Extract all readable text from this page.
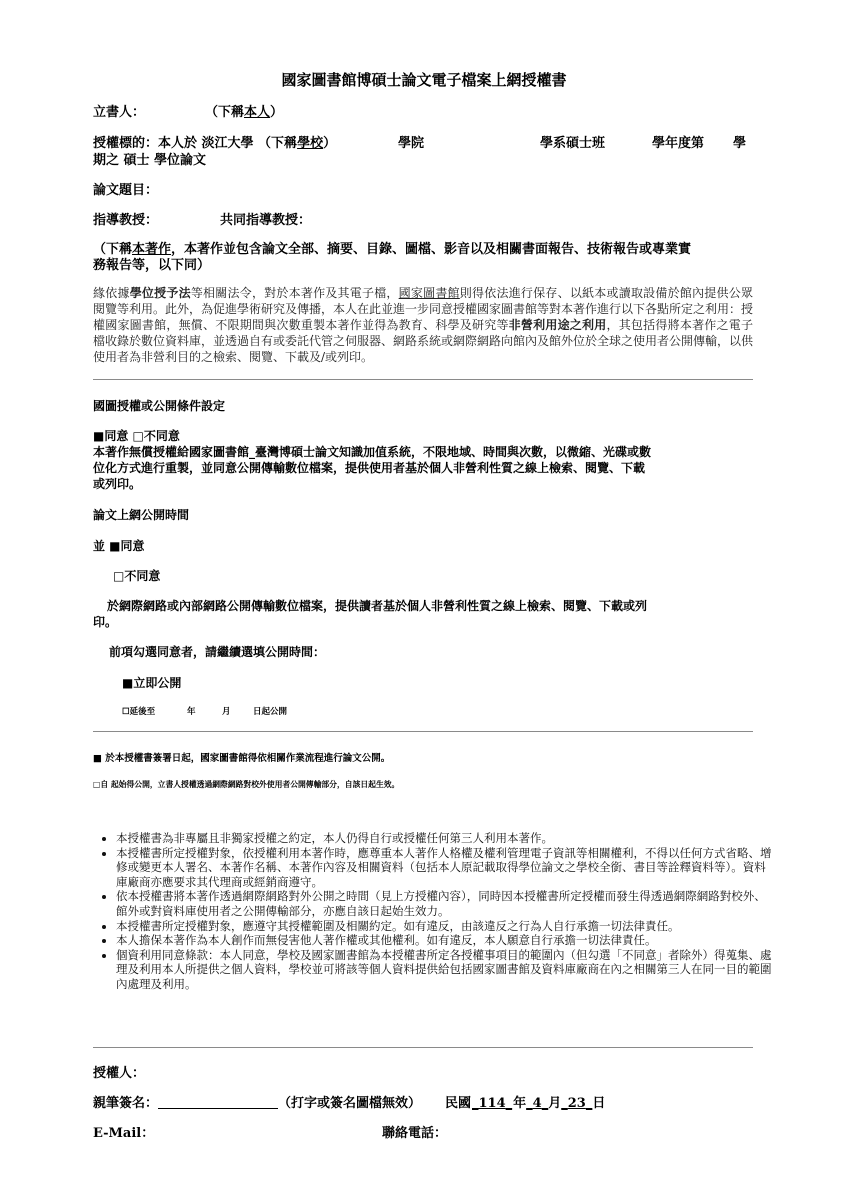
國家圖書館博碩士論文電子檔案上網授權書
立書人：	（下稱本人）
授權標的：本人於 淡江大學 （下稱學校）	學院	學系碩士班	學年度第 學
期之 碩士 學位論文
論文題目：
指導教授：	共同指導教授：
（下稱本著作，本著作並包含論文全部、摘要、目錄、圖檔、影音以及相關書面報告、技術報告或專業實
務報告等，以下同）
緣依據學位授予法等相關法令，對於本著作及其電子檔，國家圖書館則得依法進行保存、以紙本或讀取設備於館內提供公眾閱覽等利用。此外，為促進學術研究及傳播，本人在此並進一步同意授權國家圖書館等對本著作進行以下各點所定之利用：授權國家圖書館，無償、不限期間與次數重製本著作並得為教育、科學及研究等非營利用途之利用，其包括得將本著作之電子檔收錄於數位資料庫，並透過自有或委託代管之伺服器、網路系統或網際網路向館內及館外位於全球之使用者公開傳輸，以供使用者為非營利目的之檢索、閱覽、下載及/或列印。
國圖授權或公開條件設定
■同意 □不同意
本著作無償授權給國家圖書館_臺灣博碩士論文知識加值系統，不限地域、時間與次數，以微縮、光碟或數
位化方式進行重製，並同意公開傳輸數位檔案，提供使用者基於個人非營利性質之線上檢索、閱覽、下載
或列印。
論文上網公開時間
並 ■同意
□不同意
於網際網路或內部網路公開傳輸數位檔案，提供讀者基於個人非營利性質之線上檢索、閱覽、下載或列
印。
前項勾選同意者，請繼續選填公開時間：
■立即公開
☐延後至	年	月	日起公開
■ 於本授權書簽署日起，國家圖書館得依相關作業流程進行論文公開。
□自 起始得公開，立書人授權透過網際網路對校外使用者公開傳輸部分，自該日起生效。
• 本授權書為非專屬且非獨家授權之約定，本人仍得自行或授權任何第三人利用本著作。
• 本授權書所定授權對象，依授權利用本著作時，應尊重本人著作人格權及權利管理電子資訊等相關權利，不得以任何方式省略、增修或變更本人署名、本著作名稱、本著作內容及相關資料（包括本人原記載取得學位論文之學校全銜、書目等詮釋資料等）。資料庫廠商亦應要求其代理商或經銷商遵守。
• 依本授權書將本著作透過網際網路對外公開之時間（見上方授權內容），同時因本授權書所定授權而發生得透過網際網路對校外、館外或對資料庫使用者之公開傳輸部分，亦應自該日起始生效力。
• 本授權書所定授權對象，應遵守其授權範圍及相關約定。如有違反，由該違反之行為人自行承擔一切法律責任。
• 本人擔保本著作為本人創作而無侵害他人著作權或其他權利。如有違反，本人願意自行承擔一切法律責任。
• 個資利用同意條款：本人同意，學校及國家圖書館為本授權書所定各授權事項目的範圍內（但勾選「不同意」者除外）得蒐集、處理及利用本人所提供之個人資料，學校並可將該等個人資料提供給包括國家圖書館及資料庫廠商在內之相關第三人在同一目的範圍內處理及利用。
授權人：
親筆簽名：	（打字或簽名圖檔無效） 民國_114_年_4_月_23_日
E-Mail：	聯絡電話：
